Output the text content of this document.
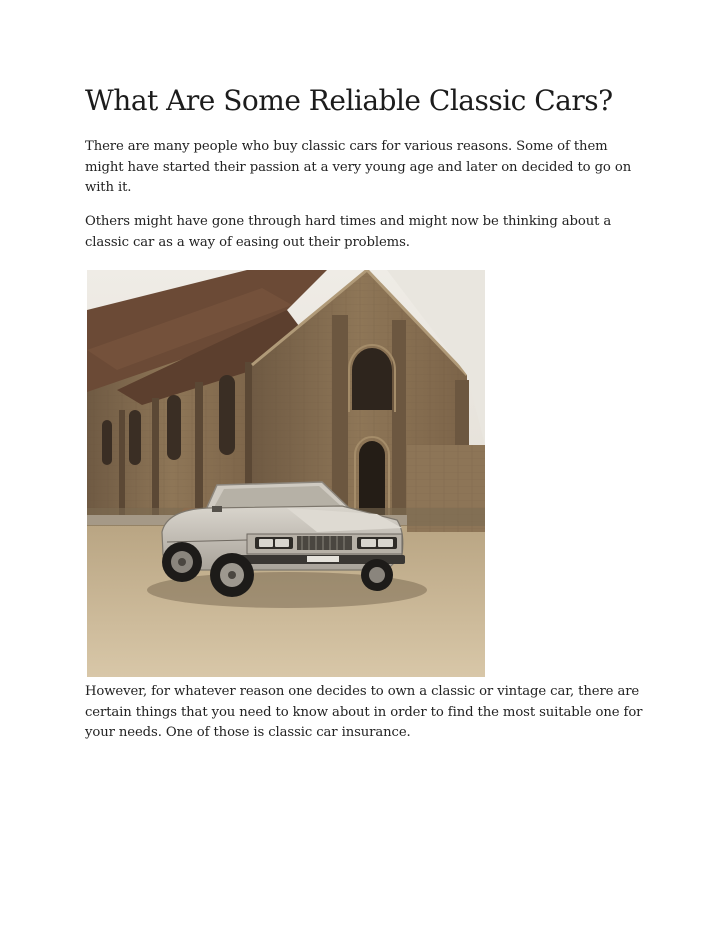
What Are Some Reliable Classic Cars?

There are many people who buy classic cars for various reasons. Some of them might have started their passion at a very young age and later on decided to go on with it.

Others might have gone through hard times and might now be thinking about a classic car as a way of easing out their problems.

However, for whatever reason one decides to own a classic or vintage car, there are certain things that you need to know about in order to find the most suitable one for your needs. One of those is classic car insurance.
